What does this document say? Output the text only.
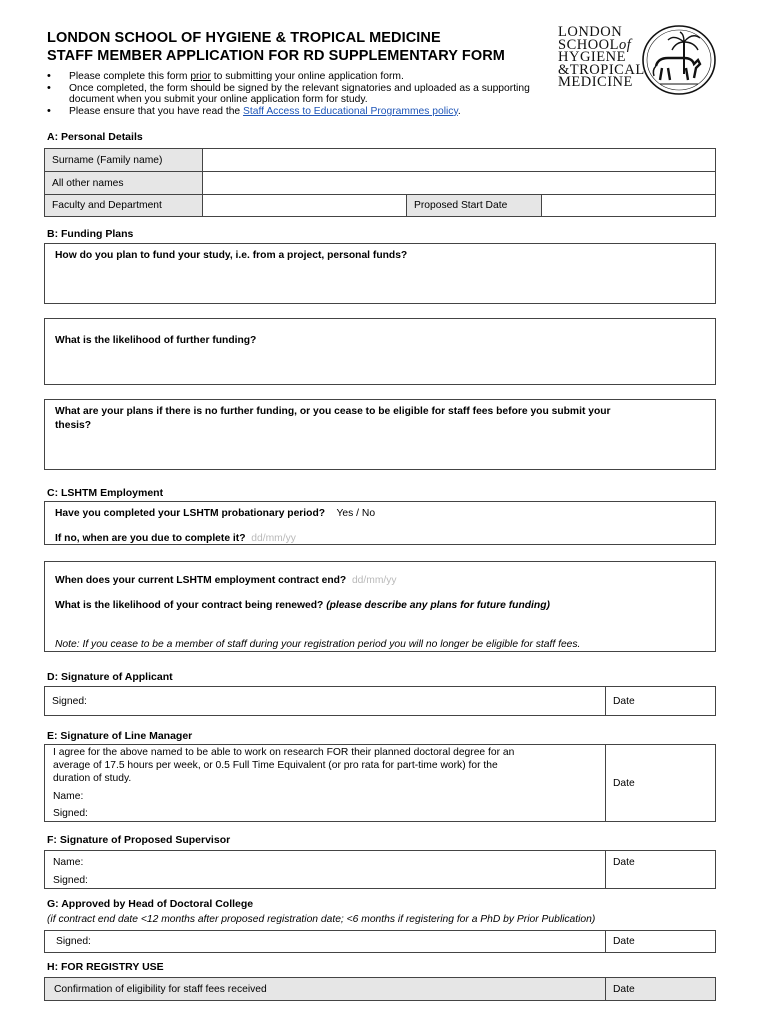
LONDON SCHOOL OF HYGIENE & TROPICAL MEDICINE
STAFF MEMBER APPLICATION FOR RD SUPPLEMENTARY FORM
• Please complete this form prior to submitting your online application form.
• Once completed, the form should be signed by the relevant signatories and uploaded as a supporting document when you submit your online application form for study.
• Please ensure that you have read the Staff Access to Educational Programmes policy.
LONDON
SCHOOLof
HYGIENE
&TROPICAL
MEDICINE
A: Personal Details
Surname (Family name)
All other names
Faculty and Department	Proposed Start Date
B: Funding Plans
How do you plan to fund your study, i.e. from a project, personal funds?
What is the likelihood of further funding?
What are your plans if there is no further funding, or you cease to be eligible for staff fees before you submit your
thesis?
C: LSHTM Employment
Have you completed your LSHTM probationary period? Yes / No
If no, when are you due to complete it? dd/mm/yy
When does your current LSHTM employment contract end? dd/mm/yy
What is the likelihood of your contract being renewed? (please describe any plans for future funding)
Note: If you cease to be a member of staff during your registration period you will no longer be eligible for staff fees.
D: Signature of Applicant
Signed:	Date
E: Signature of Line Manager
I agree for the above named to be able to work on research FOR their planned doctoral degree for an
average of 17.5 hours per week, or 0.5 Full Time Equivalent (or pro rata for part-time work) for the
duration of study.
Name:
Signed:
Date
F: Signature of Proposed Supervisor
Name:
Signed:
Date
G: Approved by Head of Doctoral College
(if contract end date <12 months after proposed registration date; <6 months if registering for a PhD by Prior Publication)
Signed:	Date
H: FOR REGISTRY USE
Confirmation of eligibility for staff fees received	Date
